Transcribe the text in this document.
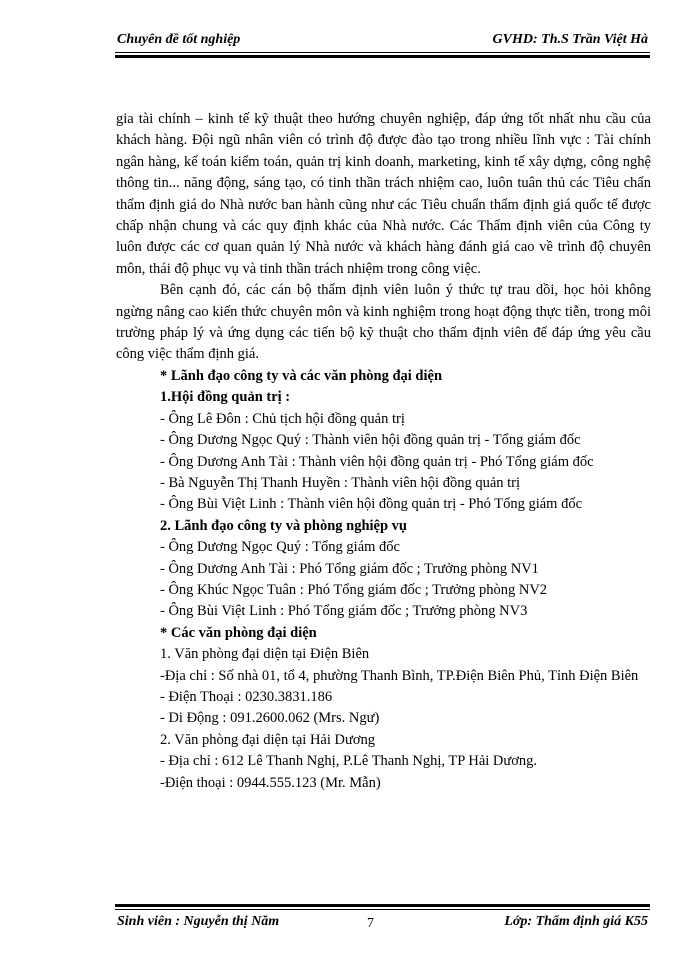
Chuyên đề tốt nghiệp	GVHD: Th.S Trần Việt Hà

gia tài chính – kinh tế kỹ thuật theo hướng chuyên nghiệp, đáp ứng tốt nhất nhu cầu của khách hàng. Đội ngũ nhân viên có trình độ được đào tạo trong nhiều lĩnh vực : Tài chính ngân hàng, kế toán kiểm toán, quản trị kinh doanh, marketing, kinh tế xây dựng, công nghệ thông tin... năng động, sáng tạo, có tinh thần trách nhiệm cao, luôn tuân thủ các Tiêu chẩn thẩm định giá do Nhà nước ban hành cũng như các Tiêu chuẩn thẩm định giá quốc tế được chấp nhận chung và các quy định khác của Nhà nước. Các Thẩm định viên của Công ty luôn được các cơ quan quản lý Nhà nước và khách hàng đánh giá cao về trình độ chuyên môn, thái độ phục vụ và tinh thần trách nhiệm trong công việc.

Bên cạnh đó, các cán bộ thẩm định viên luôn ý thức tự trau dồi, học hỏi không ngừng nâng cao kiến thức chuyên môn và kinh nghiệm trong hoạt động thực tiễn, trong môi trường pháp lý và ứng dụng các tiến bộ kỹ thuật cho thẩm định viên để đáp ứng yêu cầu công việc thẩm định giá.

* Lãnh đạo công ty và các văn phòng đại diện

1.Hội đồng quản trị :

- Ông Lê Đôn : Chủ tịch hội đồng quản trị

- Ông Dương Ngọc Quý : Thành viên hội đồng quản trị - Tổng giám đốc

- Ông Dương Anh Tài : Thành viên hội đồng quản trị - Phó Tổng giám đốc

- Bà Nguyễn Thị Thanh Huyền : Thành viên hội đồng quản trị

- Ông Bùi Việt Linh : Thành viên hội đồng quản trị - Phó Tổng giám đốc

2. Lãnh đạo công ty và phòng nghiệp vụ

- Ông Dương Ngọc Quý : Tổng giám đốc

- Ông Dương Anh Tài : Phó Tổng giám đốc ; Trưởng phòng NV1

- Ông Khúc Ngọc Tuân : Phó Tổng giám đốc ; Trưởng phòng NV2

- Ông Bùi Việt Linh : Phó Tổng giám đốc ; Trưởng phòng NV3

* Các văn phòng đại diện

1. Văn phòng đại diện tại Điện Biên

-Địa chỉ : Số nhà 01, tổ 4, phường Thanh Bình, TP.Điện Biên Phủ, Tỉnh Điện Biên

- Điện Thoại : 0230.3831.186

- Di Động : 091.2600.062 (Mrs. Ngư)

2. Văn phòng đại diện tại Hải Dương

- Địa chỉ : 612 Lê Thanh Nghị, P.Lê Thanh Nghị, TP Hải Dương.

-Điện thoại : 0944.555.123 (Mr. Mẫn)

Sinh viên : Nguyễn thị Năm	7	Lớp: Thẩm định giá K55
